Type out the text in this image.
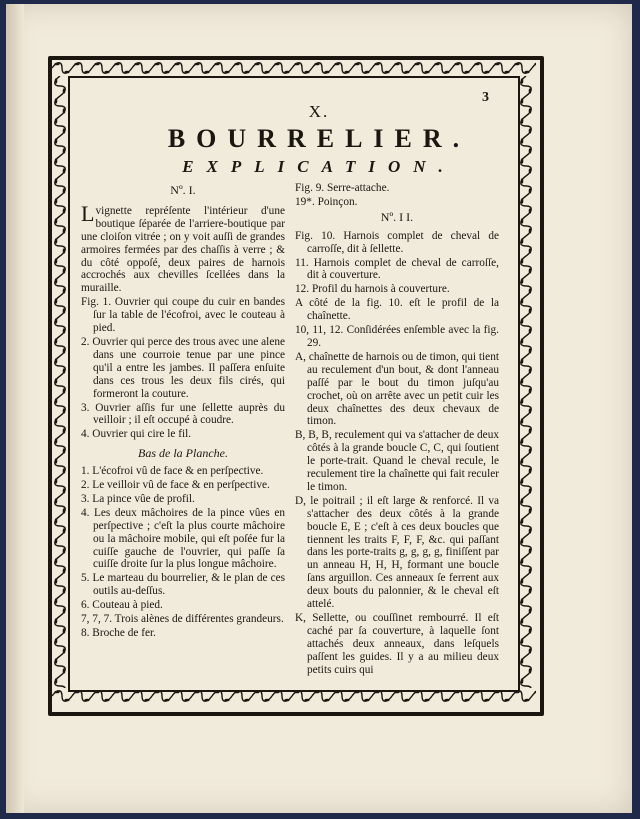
3
X.
BOURRELIER.
EXPLICATION.
Nº. I.
L vignette repréſente l'intérieur d'une boutique ſéparée de l'arriere-boutique par une cloiſon vitrée ; on y voit auſſi de grandes armoires fermées par des chaſſis à verre ; & du côté oppoſé, deux paires de harnois accrochés aux chevilles ſcellées dans la muraille.
Fig. 1. Ouvrier qui coupe du cuir en bandes ſur la table de l'écofroi, avec le couteau à pied.
2. Ouvrier qui perce des trous avec une alene dans une courroie tenue par une pince qu'il a entre les jambes. Il paſſera enſuite dans ces trous les deux fils cirés, qui formeront la couture.
3. Ouvrier aſſis fur une ſellette auprès du veilloir ; il eſt occupé à coudre.
4. Ouvrier qui cire le fil.
Bas de la Planche.
1. L'écofroi vû de face & en perſpective.
2. Le veilloir vû de face & en perſpective.
3. La pince vûe de profil.
4. Les deux mâchoires de la pince vûes en perſpective ; c'eſt la plus courte mâchoire ou la mâchoire mobile, qui eſt poſée fur la cuiſſe gauche de l'ouvrier, qui paſſe ſa cuiſſe droite ſur la plus longue mâchoire.
5. Le marteau du bourrelier, & le plan de ces outils au-deſſus.
6. Couteau à pied.
7, 7, 7. Trois alènes de différentes grandeurs.
8. Broche de fer.
Fig. 9. Serre-attache.
19*. Poinçon.
Nº. I I.
Fig. 10. Harnois complet de cheval de carroſſe, dit à ſellette.
11. Harnois complet de cheval de carroſſe, dit à couverture.
12. Profil du harnois à couverture.
A côté de la fig. 10. eſt le profil de la chaînette.
10, 11, 12. Conſidérées enſemble avec la fig. 29.
A, chaînette de harnois ou de timon, qui tient au reculement d'un bout, & dont l'anneau paſſé par le bout du timon juſqu'au crochet, où on arrête avec un petit cuir les deux chaînettes des deux chevaux de timon.
B, B, B, reculement qui va s'attacher de deux côtés à la grande boucle C, C, qui ſoutient le porte-trait. Quand le cheval recule, le reculement tire la chaînette qui fait reculer le timon.
D, le poitrail ; il eſt large & renforcé. Il va s'attacher des deux côtés à la grande boucle E, E ; c'eſt à ces deux boucles que tiennent les traits F, F, F, &c. qui paſſant dans les porte-traits g, g, g, g, finiſſent par un anneau H, H, H, formant une boucle ſans arguillon. Ces anneaux ſe ferrent aux deux bouts du palonnier, & le cheval eſt attelé.
K, Sellette, ou couſſinet rembourré. Il eſt caché par ſa couverture, à laquelle ſont attachés deux anneaux, dans leſquels paſſent les guides. Il y a au milieu deux petits cuirs qui
